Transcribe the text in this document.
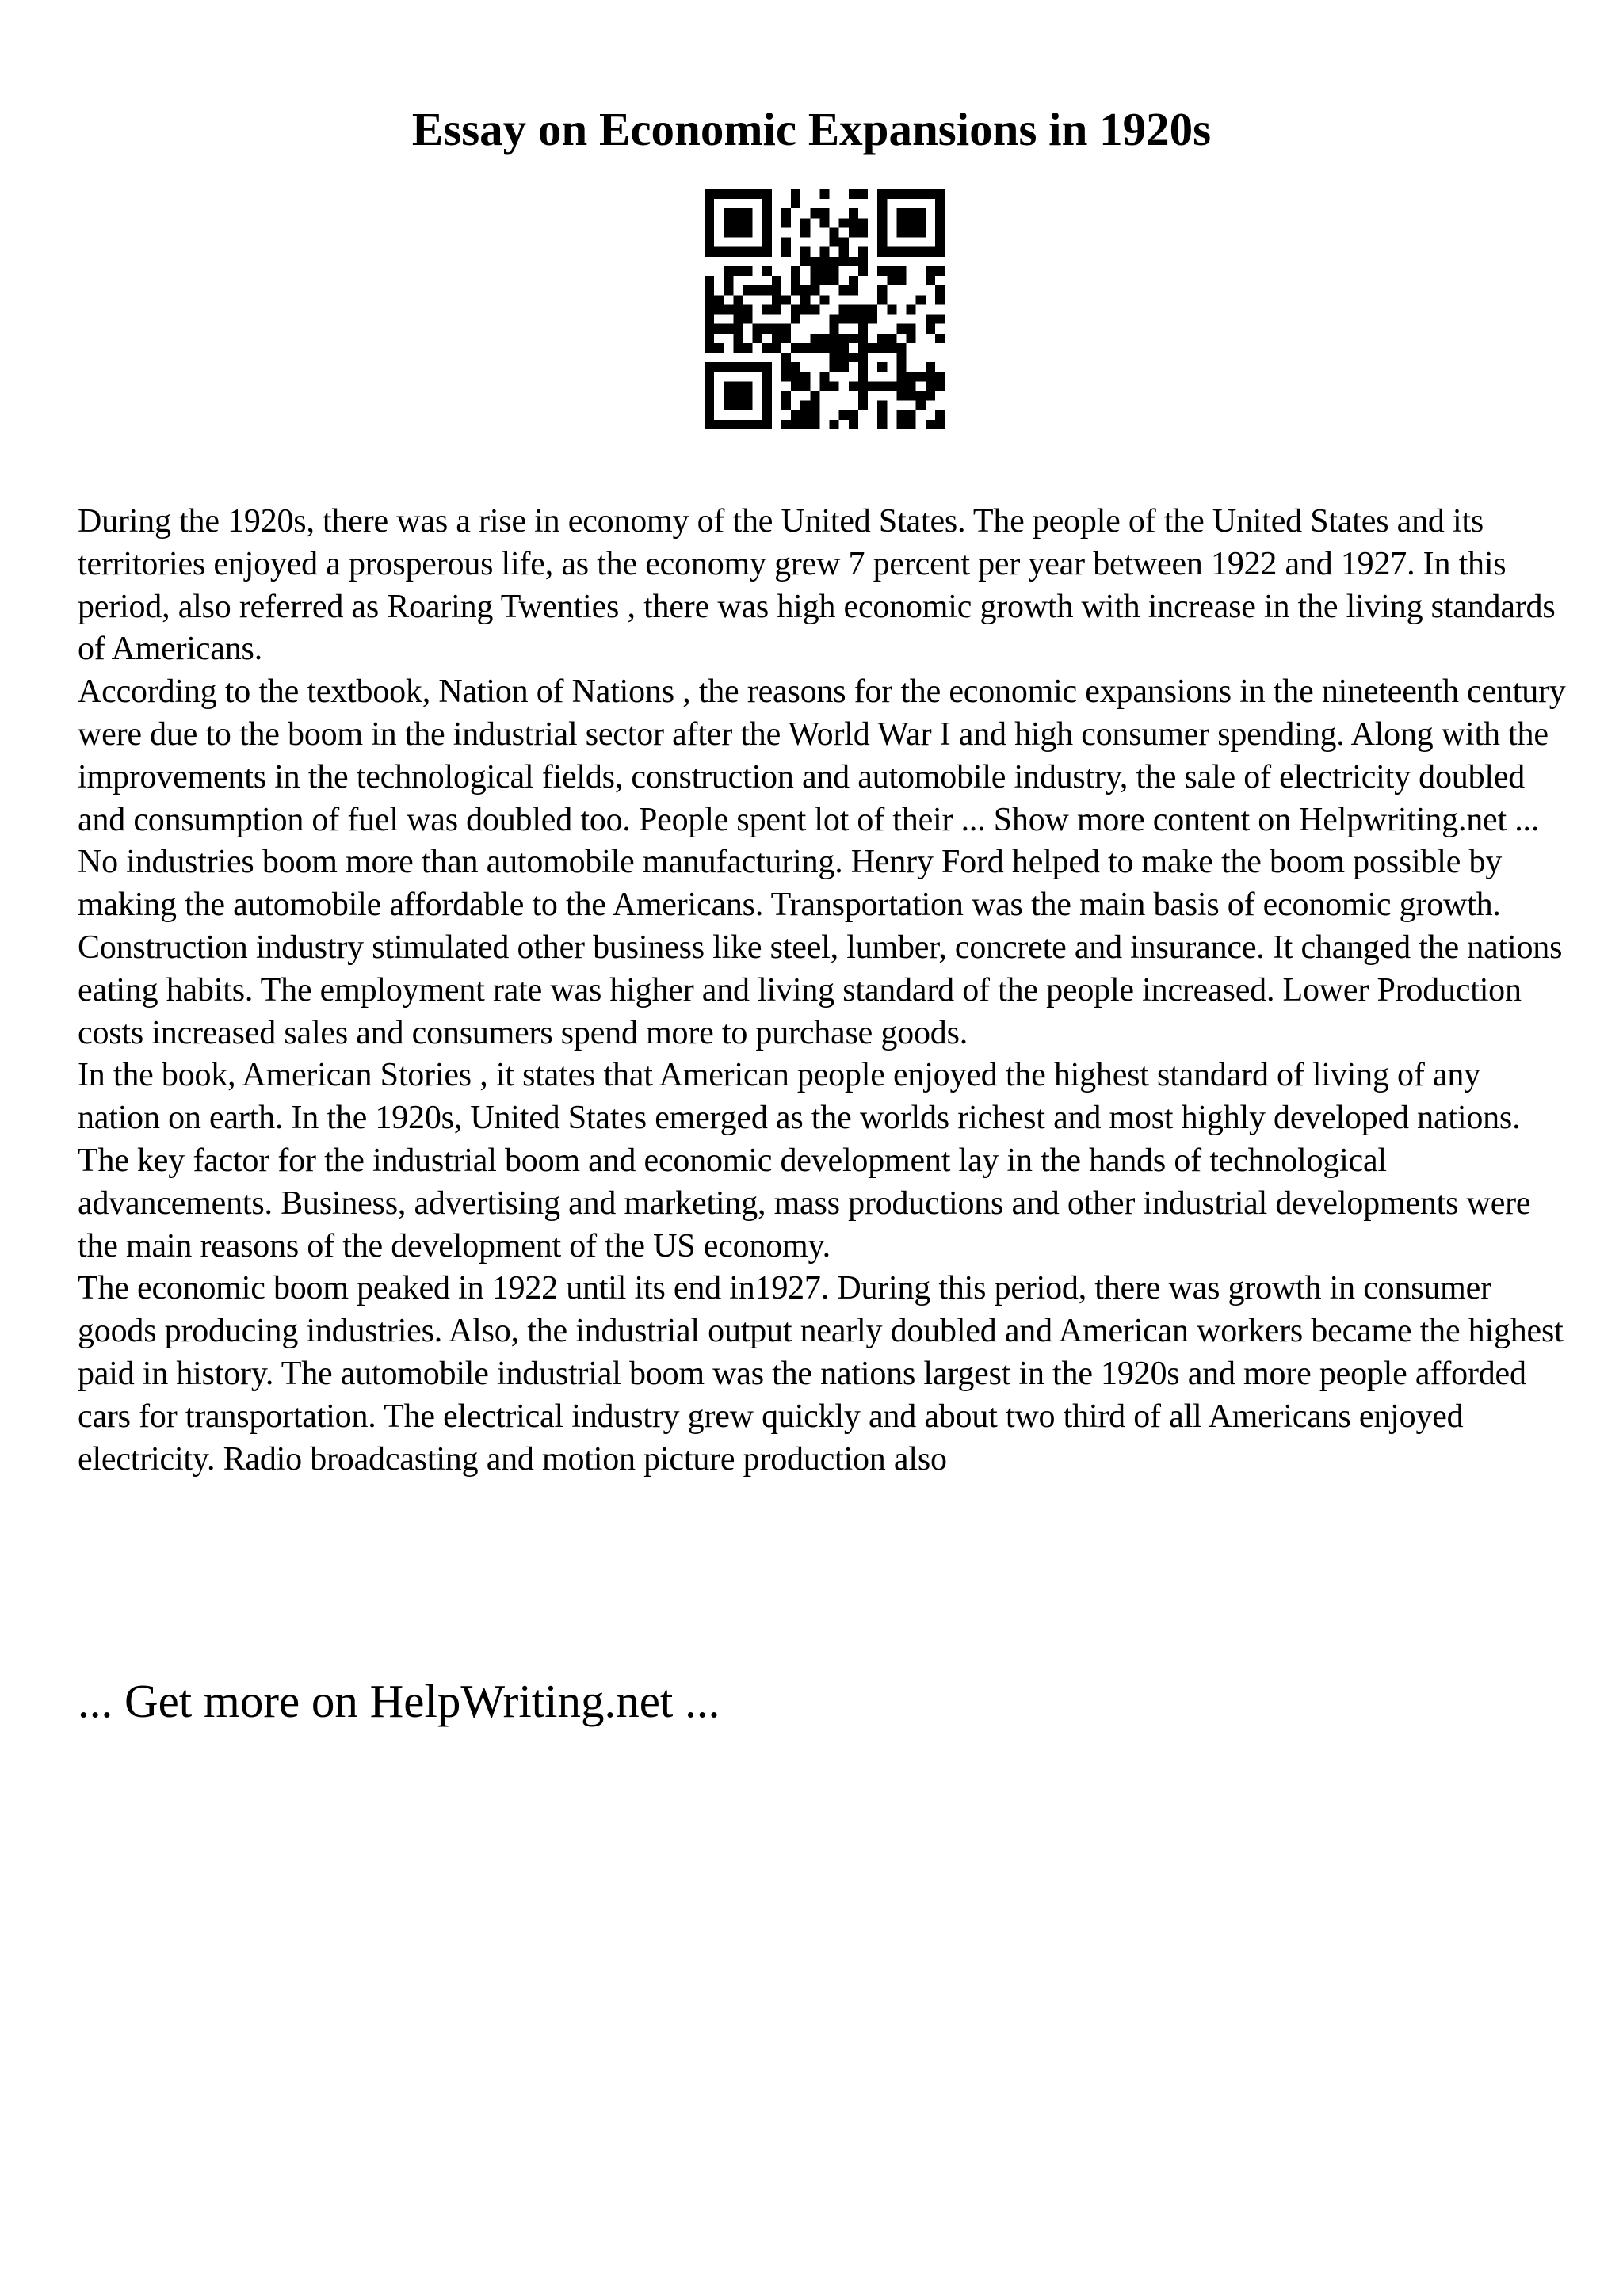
Essay on Economic Expansions in 1920s

During the 1920s, there was a rise in economy of the United States. The people of the United States and its territories enjoyed a prosperous life, as the economy grew 7 percent per year between 1922 and 1927. In this period, also referred as Roaring Twenties , there was high economic growth with increase in the living standards of Americans.

According to the textbook, Nation of Nations , the reasons for the economic expansions in the nineteenth century were due to the boom in the industrial sector after the World War I and high consumer spending. Along with the improvements in the technological fields, construction and automobile industry, the sale of electricity doubled and consumption of fuel was doubled too. People spent lot of their ... Show more content on Helpwriting.net ...

No industries boom more than automobile manufacturing. Henry Ford helped to make the boom possible by making the automobile affordable to the Americans. Transportation was the main basis of economic growth. Construction industry stimulated other business like steel, lumber, concrete and insurance. It changed the nations eating habits. The employment rate was higher and living standard of the people increased. Lower Production costs increased sales and consumers spend more to purchase goods.

In the book, American Stories , it states that American people enjoyed the highest standard of living of any nation on earth. In the 1920s, United States emerged as the worlds richest and most highly developed nations. The key factor for the industrial boom and economic development lay in the hands of technological advancements. Business, advertising and marketing, mass productions and other industrial developments were the main reasons of the development of the US economy.

The economic boom peaked in 1922 until its end in1927. During this period, there was growth in consumer goods producing industries. Also, the industrial output nearly doubled and American workers became the highest paid in history. The automobile industrial boom was the nations largest in the 1920s and more people afforded cars for transportation. The electrical industry grew quickly and about two third of all Americans enjoyed electricity. Radio broadcasting and motion picture production also

... Get more on HelpWriting.net ...
